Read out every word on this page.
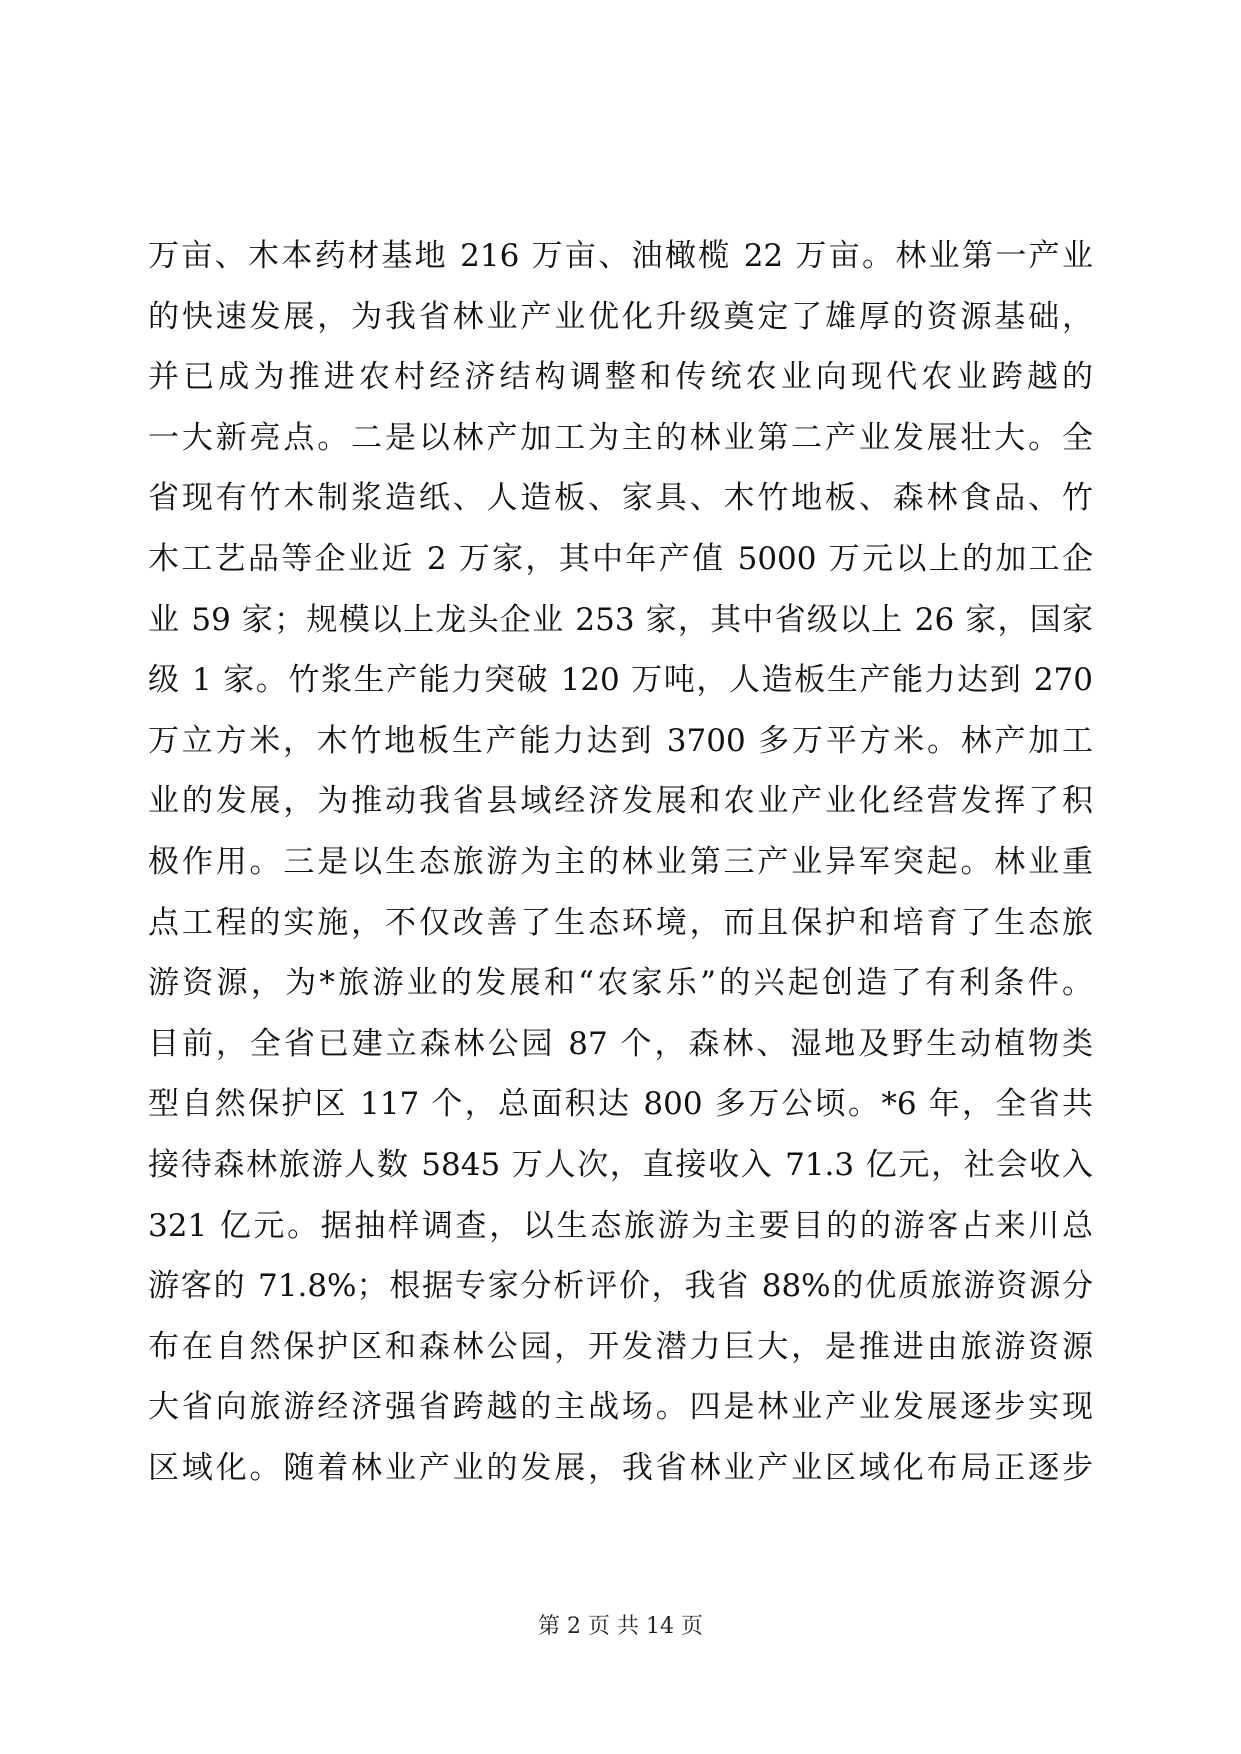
万亩、木本药材基地 216 万亩、油橄榄 22 万亩。林业第一产业
的快速发展，为我省林业产业优化升级奠定了雄厚的资源基础，
并已成为推进农村经济结构调整和传统农业向现代农业跨越的
一大新亮点。二是以林产加工为主的林业第二产业发展壮大。全
省现有竹木制浆造纸、人造板、家具、木竹地板、森林食品、竹
木工艺品等企业近 2 万家，其中年产值 5000 万元以上的加工企
业 59 家；规模以上龙头企业 253 家，其中省级以上 26 家，国家
级 1 家。竹浆生产能力突破 120 万吨，人造板生产能力达到 270
万立方米，木竹地板生产能力达到 3700 多万平方米。林产加工
业的发展，为推动我省县域经济发展和农业产业化经营发挥了积
极作用。三是以生态旅游为主的林业第三产业异军突起。林业重
点工程的实施，不仅改善了生态环境，而且保护和培育了生态旅
游资源，为*旅游业的发展和“农家乐”的兴起创造了有利条件。
目前，全省已建立森林公园 87 个，森林、湿地及野生动植物类
型自然保护区 117 个，总面积达 800 多万公顷。*6 年，全省共
接待森林旅游人数 5845 万人次，直接收入 71.3 亿元，社会收入
321 亿元。据抽样调查，以生态旅游为主要目的的游客占来川总
游客的 71.8%；根据专家分析评价，我省 88%的优质旅游资源分
布在自然保护区和森林公园，开发潜力巨大，是推进由旅游资源
大省向旅游经济强省跨越的主战场。四是林业产业发展逐步实现
区域化。随着林业产业的发展，我省林业产业区域化布局正逐步
第 2 页 共 14 页
